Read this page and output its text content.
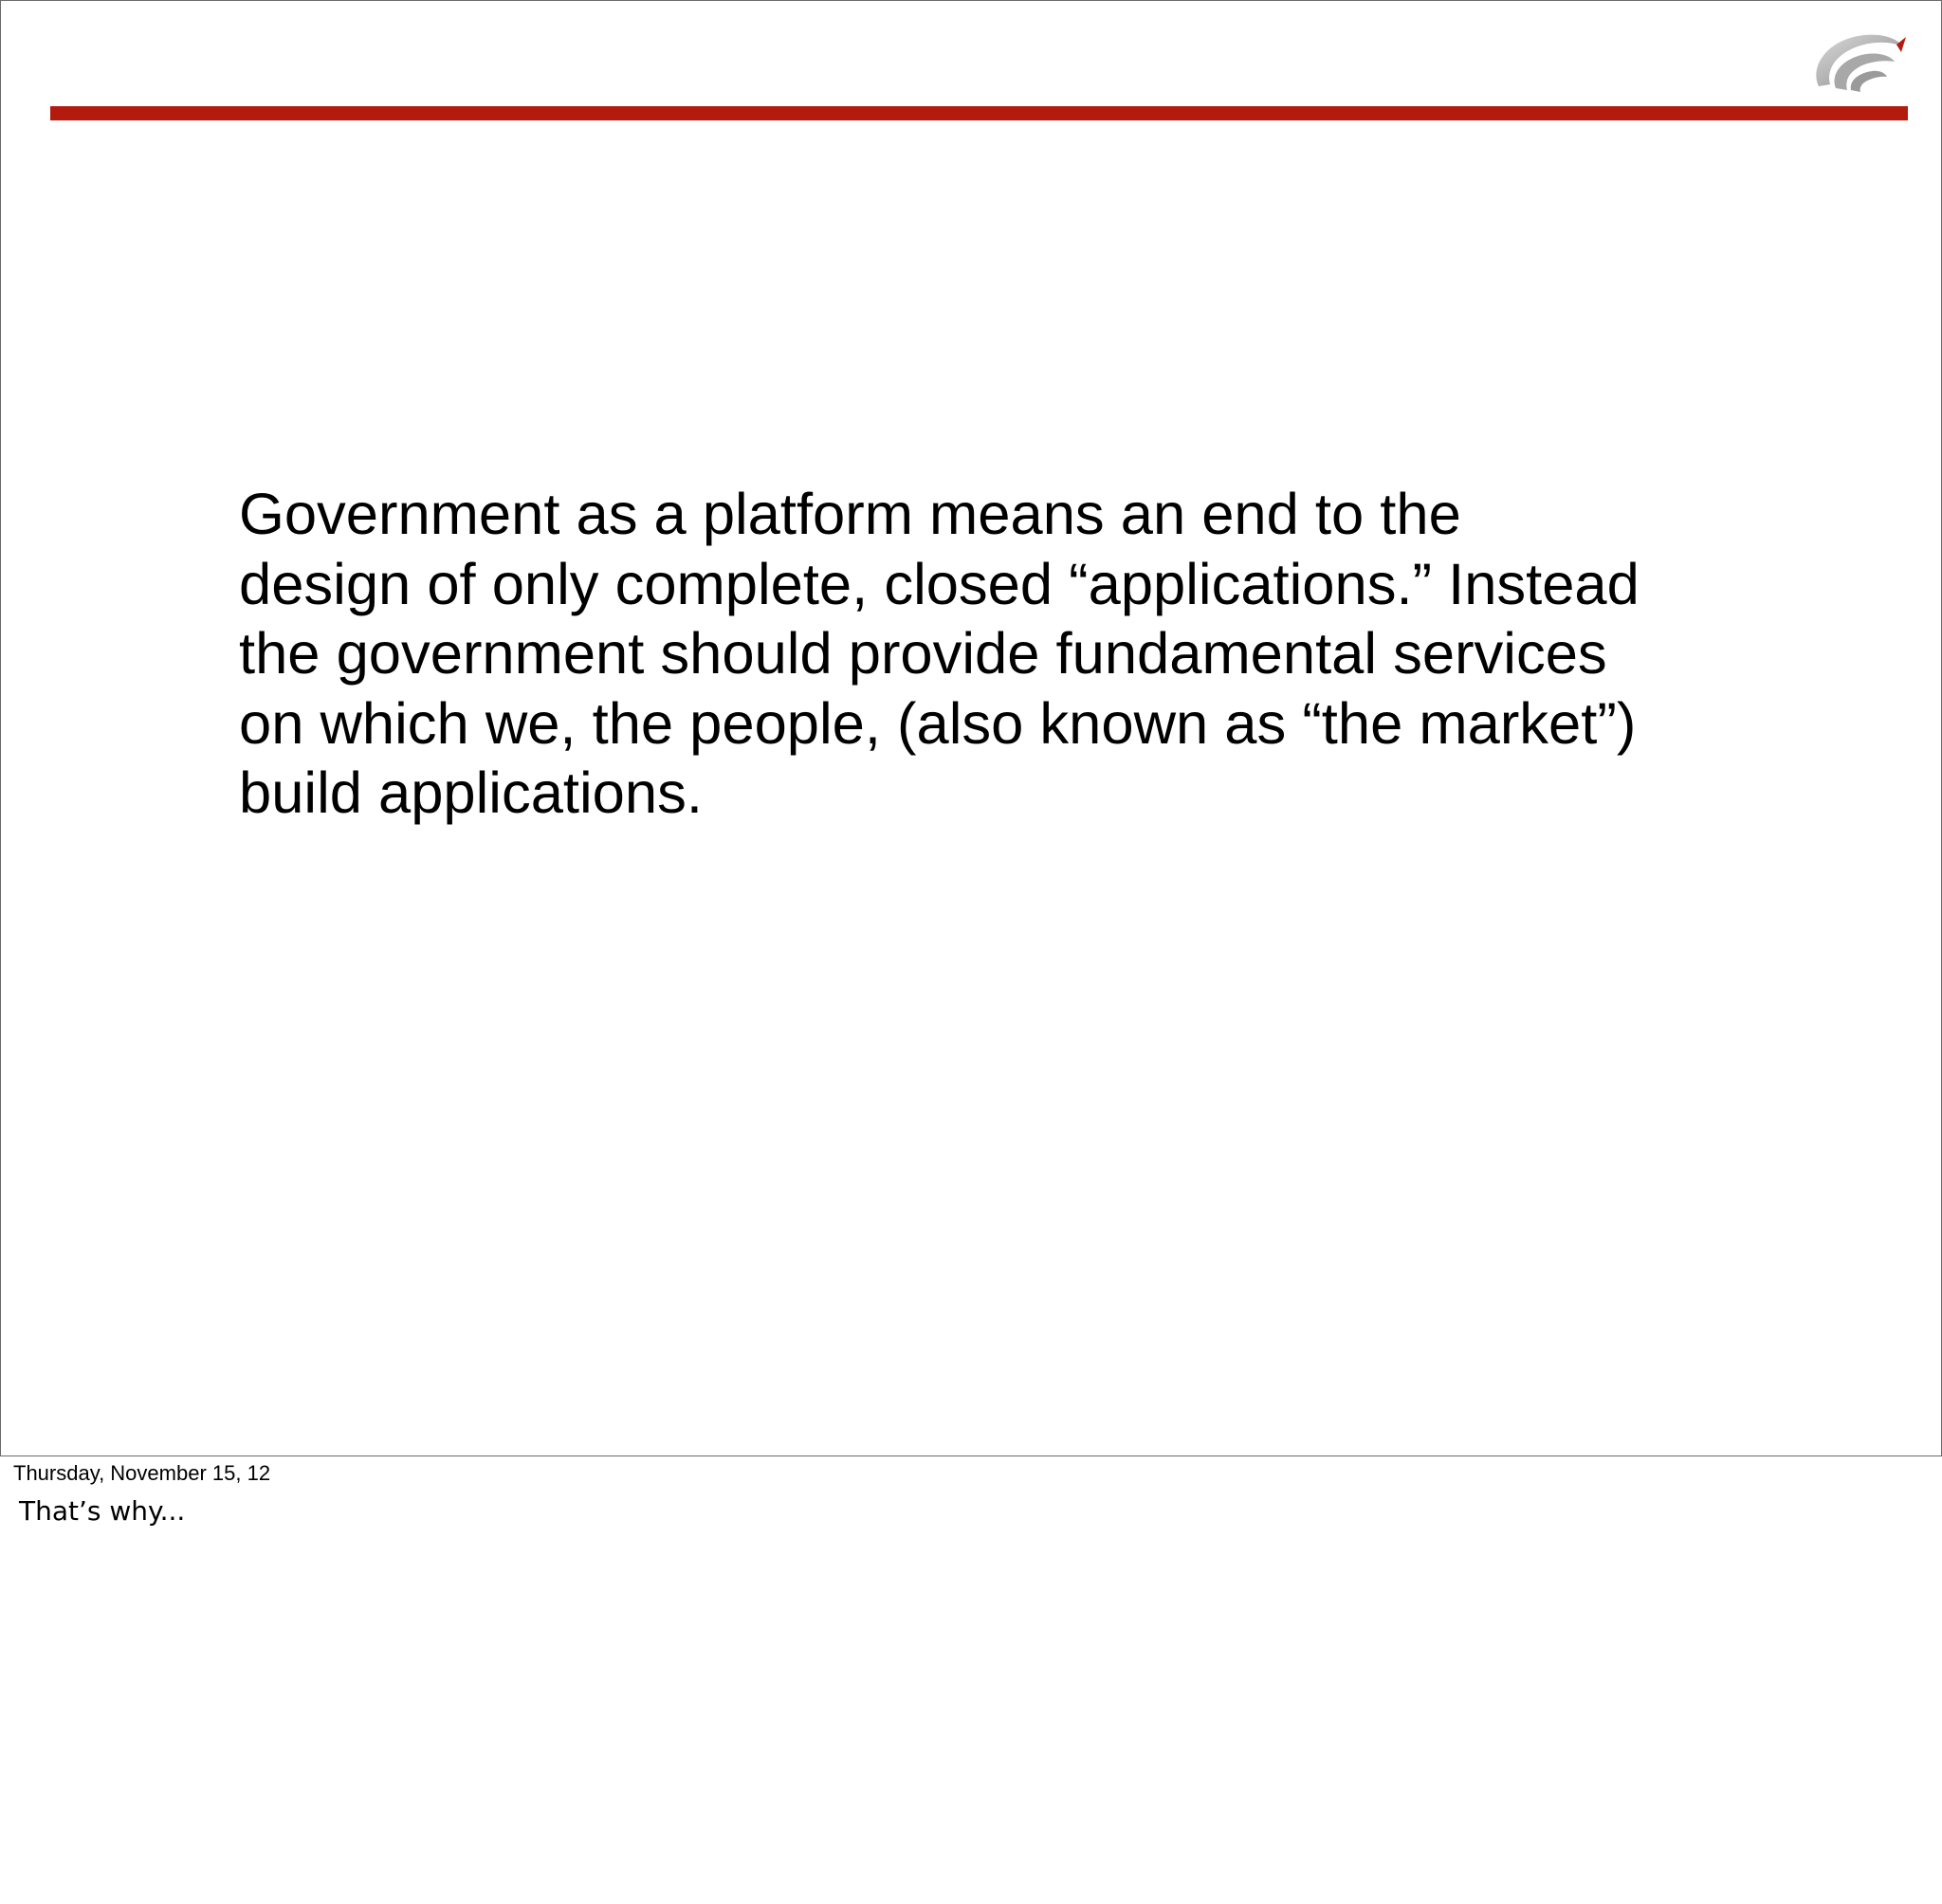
Government as a platform means an end to the
design of only complete, closed “applications.” Instead
the government should provide fundamental services
on which we, the people, (also known as “the market”)
build applications.

Thursday, November 15, 12
That’s why...
